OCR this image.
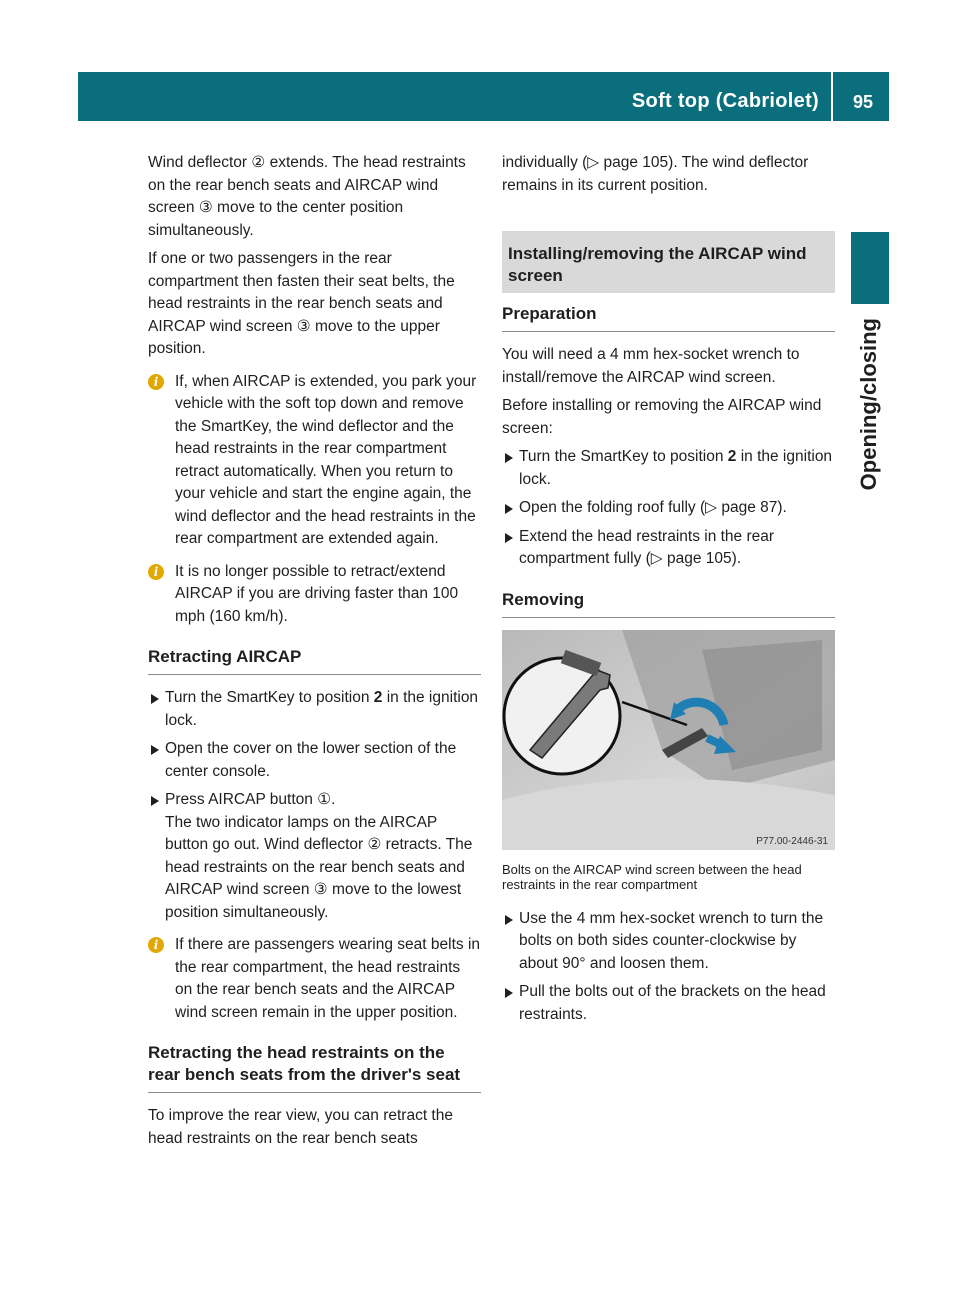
Soft top (Cabriolet) 95
Opening/closing

Wind deflector ② extends. The head restraints on the rear bench seats and AIRCAP wind screen ③ move to the center position simultaneously.

If one or two passengers in the rear compartment then fasten their seat belts, the head restraints in the rear bench seats and AIRCAP wind screen ③ move to the upper position.

i	If, when AIRCAP is extended, you park your vehicle with the soft top down and remove the SmartKey, the wind deflector and the head restraints in the rear compartment retract automatically. When you return to your vehicle and start the engine again, the wind deflector and the head restraints in the rear compartment are extended again.
i	It is no longer possible to retract/extend AIRCAP if you are driving faster than 100 mph (160 km/h).
Retracting AIRCAP
Turn the SmartKey to position 2 in the ignition lock.
Open the cover on the lower section of the center console.
Press AIRCAP button ①.
The two indicator lamps on the AIRCAP button go out. Wind deflector ② retracts. The head restraints on the rear bench seats and AIRCAP wind screen ③ move to the lowest position simultaneously.
i	If there are passengers wearing seat belts in the rear compartment, the head restraints on the rear bench seats and the AIRCAP wind screen remain in the upper position.
Retracting the head restraints on the rear bench seats from the driver's seat

To improve the rear view, you can retract the head restraints on the rear bench seats

individually (▷ page 105). The wind deflector remains in its current position.

Installing/removing the AIRCAP wind screen
Preparation

You will need a 4 mm hex-socket wrench to install/remove the AIRCAP wind screen.

Before installing or removing the AIRCAP wind screen:

Turn the SmartKey to position 2 in the ignition lock.
Open the folding roof fully (▷ page 87).
Extend the head restraints in the rear compartment fully (▷ page 105).
Removing
P77.00-2446-31
Bolts on the AIRCAP wind screen between the head restraints in the rear compartment
Use the 4 mm hex-socket wrench to turn the bolts on both sides counter-clockwise by about 90° and loosen them.
Pull the bolts out of the brackets on the head restraints.
